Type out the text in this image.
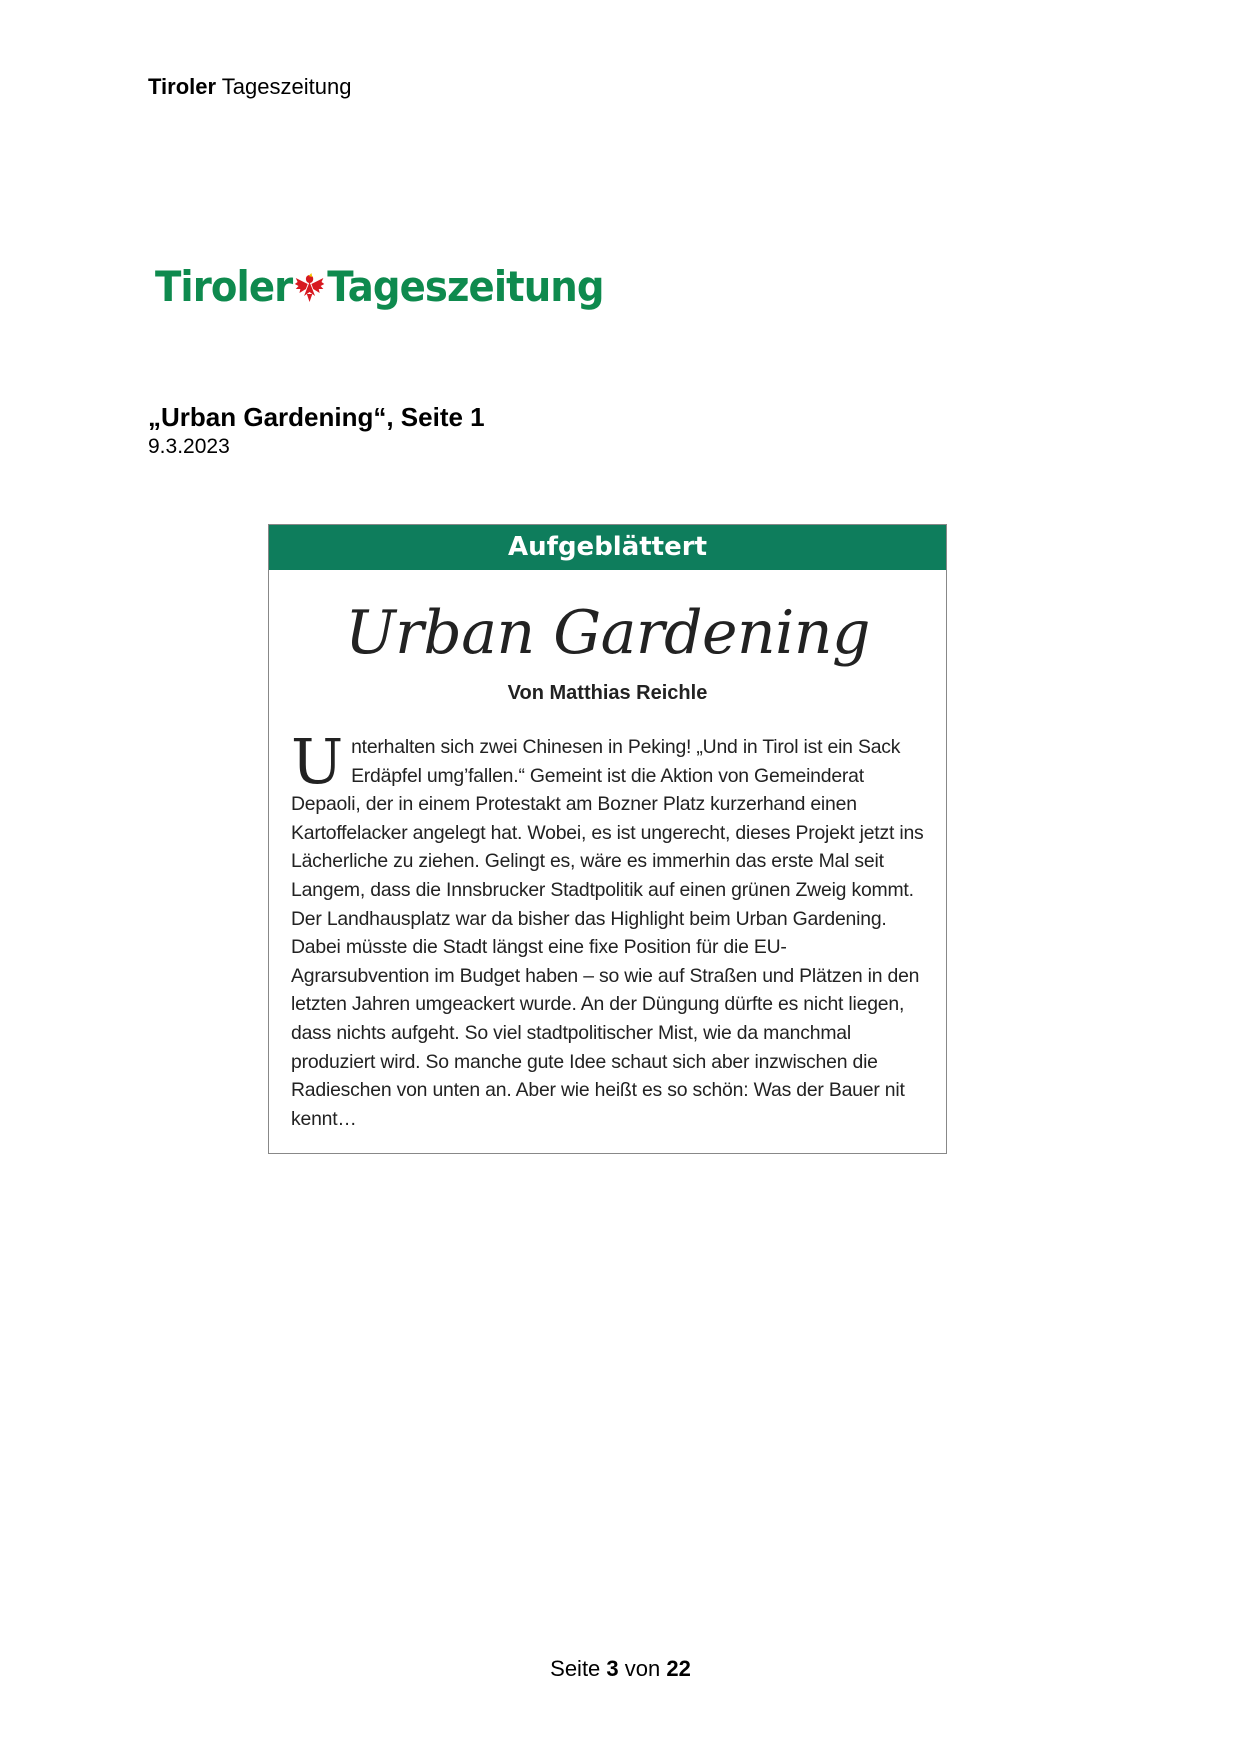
Tiroler Tageszeitung
Tiroler Tageszeitung
„Urban Gardening“, Seite 1
9.3.2023
Aufgeblättert
Urban Gardening
Von Matthias Reichle
Unterhalten sich zwei Chinesen in Peking! „Und in Tirol ist ein Sack Erdäpfel umg’fallen.“ Gemeint ist die Aktion von Gemeinderat Depaoli, der in einem Protestakt am Bozner Platz kurzerhand einen Kartoffelacker angelegt hat. Wobei, es ist ungerecht, dieses Projekt jetzt ins Lächerliche zu ziehen. Gelingt es, wäre es immerhin das erste Mal seit Langem, dass die Innsbrucker Stadtpolitik auf einen grünen Zweig kommt. Der Landhausplatz war da bisher das Highlight beim Urban Gardening. Dabei müsste die Stadt längst eine fixe Position für die EU-Agrarsubvention im Budget haben – so wie auf Straßen und Plätzen in den letzten Jahren umgeackert wurde. An der Düngung dürfte es nicht liegen, dass nichts aufgeht. So viel stadtpolitischer Mist, wie da manchmal produziert wird. So manche gute Idee schaut sich aber inzwischen die Radieschen von unten an. Aber wie heißt es so schön: Was der Bauer nit kennt…
Seite 3 von 22
